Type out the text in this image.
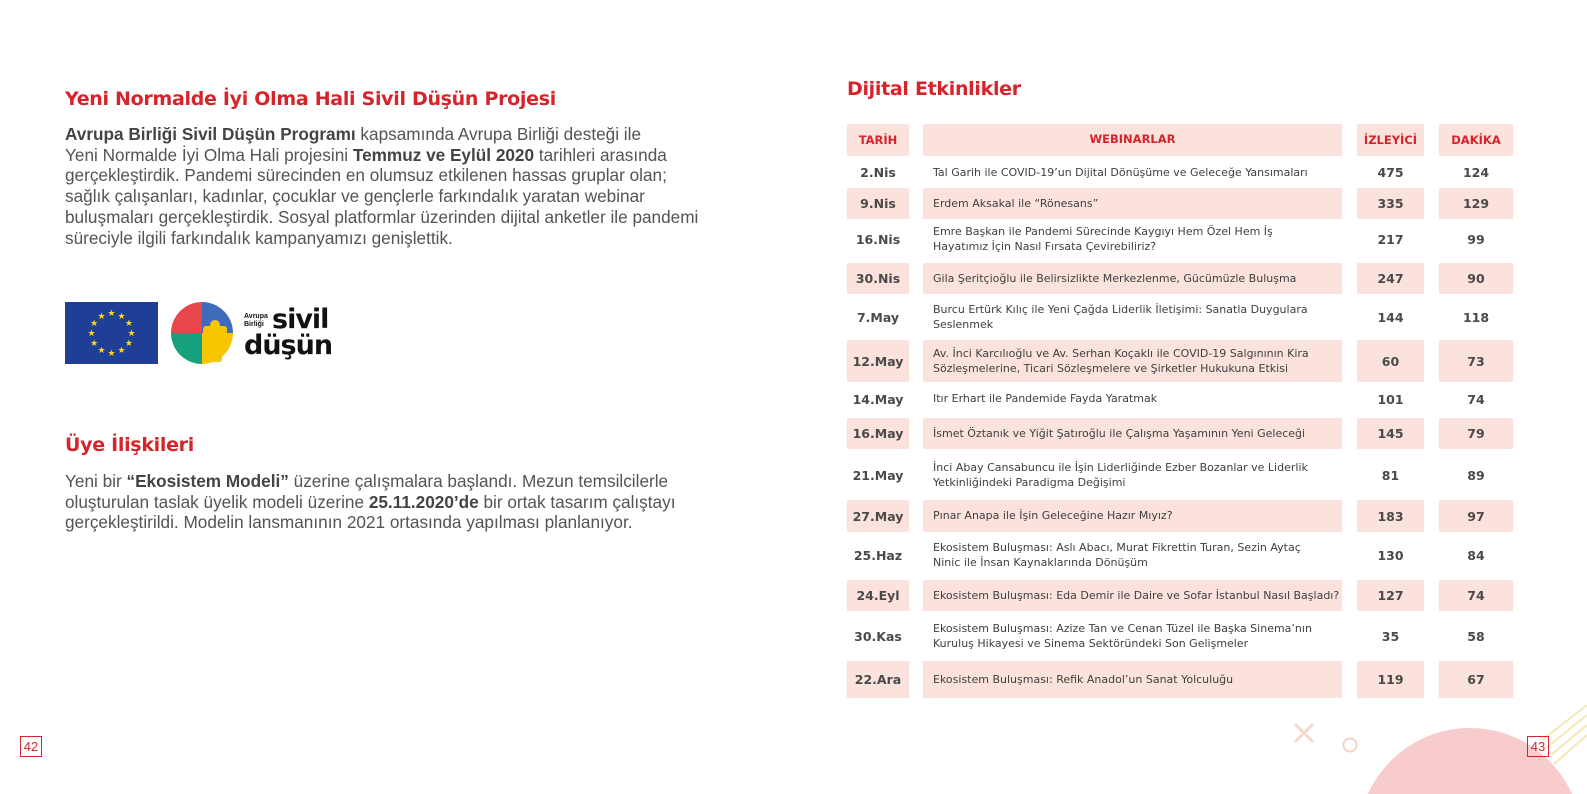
Yeni Normalde İyi Olma Hali Sivil Düşün Projesi
Avrupa Birliği Sivil Düşün Programı kapsamında Avrupa Birliği desteği ile
Yeni Normalde İyi Olma Hali projesini Temmuz ve Eylül 2020 tarihleri arasında
gerçekleştirdik. Pandemi sürecinden en olumsuz etkilenen hassas gruplar olan;
sağlık çalışanları, kadınlar, çocuklar ve gençlerle farkındalık yaratan webinar
buluşmaları gerçekleştirdik. Sosyal platformlar üzerinden dijital anketler ile pandemi
süreciyle ilgili farkındalık kampanyamızı genişlettik.
★ ★
★
★
★
★
★
★
★
★
★
★	Avrupa
Birliği sivil
düşün
Üye İlişkileri
Yeni bir “Ekosistem Modeli” üzerine çalışmalara başlandı. Mezun temsilcilerle
oluşturulan taslak üyelik modeli üzerine 25.11.2020’de bir ortak tasarım çalıştayı
gerçekleştirildi. Modelin lansmanının 2021 ortasında yapılması planlanıyor.
42
Dijital Etkinlikler
TARİH	WEBINARLAR	İZLEYİCİ	DAKİKA
2.Nis	Tal Garih ile COVID-19’un Dijital Dönüşüme ve Geleceğe Yansımaları	475	124
9.Nis	Erdem Aksakal ile “Rönesans”	335	129
16.Nis
Emre Başkan ile Pandemi Sürecinde Kaygıyı Hem Özel Hem İş
Hayatımız İçin Nasıl Fırsata Çevirebiliriz?	217	99
30.Nis	Gila Şeritçioğlu ile Belirsizlikte Merkezlenme, Gücümüzle Buluşma	247	90
7.May
Burcu Ertürk Kılıç ile Yeni Çağda Liderlik İletişimi: Sanatla Duygulara
Seslenmek	144	118
12.May
Av. İnci Karcılıoğlu ve Av. Serhan Koçaklı ile COVID-19 Salgınının Kira
Sözleşmelerine, Ticari Sözleşmelere ve Şirketler Hukukuna Etkisi	60	73
14.May	Itır Erhart ile Pandemide Fayda Yaratmak	101	74
16.May	İsmet Öztanık ve Yiğit Şatıroğlu ile Çalışma Yaşamının Yeni Geleceği	145	79
21.May
İnci Abay Cansabuncu ile İşin Liderliğinde Ezber Bozanlar ve Liderlik
Yetkinliğindeki Paradigma Değişimi	81	89
27.May	Pınar Anapa ile İşin Geleceğine Hazır Mıyız?	183	97
25.Haz
Ekosistem Buluşması: Aslı Abacı, Murat Fikrettin Turan, Sezin Aytaç
Ninic ile İnsan Kaynaklarında Dönüşüm	130	84
24.Eyl	Ekosistem Buluşması: Eda Demir ile Daire ve Sofar İstanbul Nasıl Başladı?	127	74
30.Kas
Ekosistem Buluşması: Azize Tan ve Cenan Tüzel ile Başka Sinema’nın
Kuruluş Hikayesi ve Sinema Sektöründeki Son Gelişmeler	35	58
22.Ara	Ekosistem Buluşması: Refik Anadol’un Sanat Yolculuğu	119	67
43
